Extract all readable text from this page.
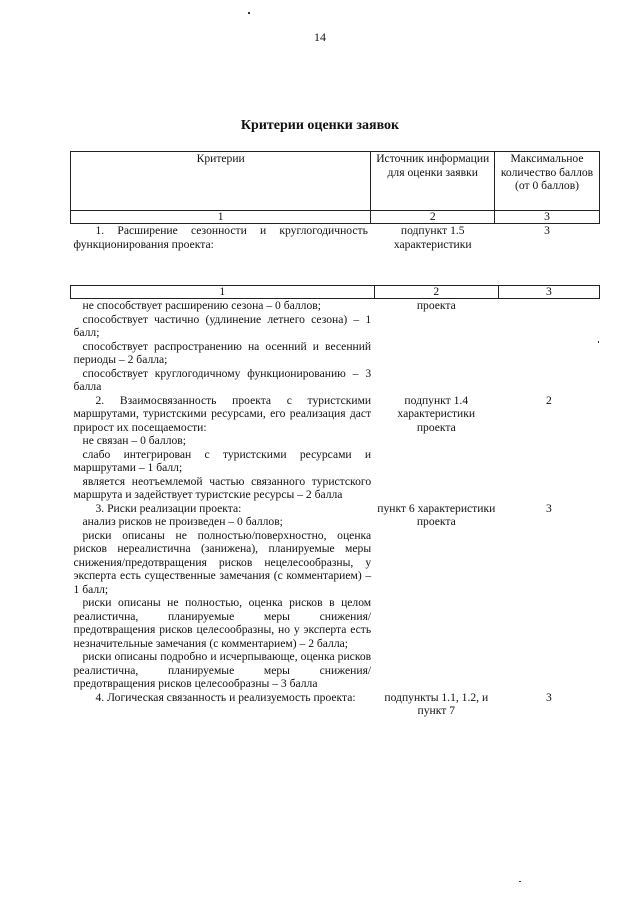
14
Критерии оценки заявок
Критерии	Источник информации для оценки заявки	Максимальное количество баллов (от 0 баллов)
1	2	3
1. Расширение сезонности и круглогодичность функционирования проекта:	подпункт 1.5 характеристики	3
1	2	3

не способствует расширению сезона – 0 баллов;
способствует частично (удлинение летнего сезона) – 1 балл;
способствует распространению на осенний и весенний периоды – 2 балла;
способствует круглогодичному функционированию – 3 балла	проекта	

2. Взаимосвязанность проекта с туристскими маршрутами, туристскими ресурсами, его реализация даст прирост их посещаемости:
не связан – 0 баллов;
слабо интегрирован с туристскими ресурсами и маршрутами – 1 балл;
является неотъемлемой частью связанного туристского маршрута и задействует туристские ресурсы – 2 балла	подпункт 1.4 характеристики проекта	2

3. Риски реализации проекта:
анализ рисков не произведен – 0 баллов;
риски описаны не полностью/поверхностно, оценка рисков нереалистична (занижена), планируемые меры снижения/предотвращения рисков нецелесообразны, у эксперта есть существенные замечания (с комментарием) – 1 балл;
риски описаны не полностью, оценка рисков в целом реалистична, планируемые меры снижения/предотвращения рисков целесообразны, но у эксперта есть незначительные замечания (с комментарием) – 2 балла;
риски описаны подробно и исчерпывающе, оценка рисков реалистична, планируемые меры снижения/предотвращения рисков целесообразны – 3 балла	пункт 6 характеристики проекта	3
4. Логическая связанность и реализуемость проекта:	подпункты 1.1, 1.2, и пункт 7	3
